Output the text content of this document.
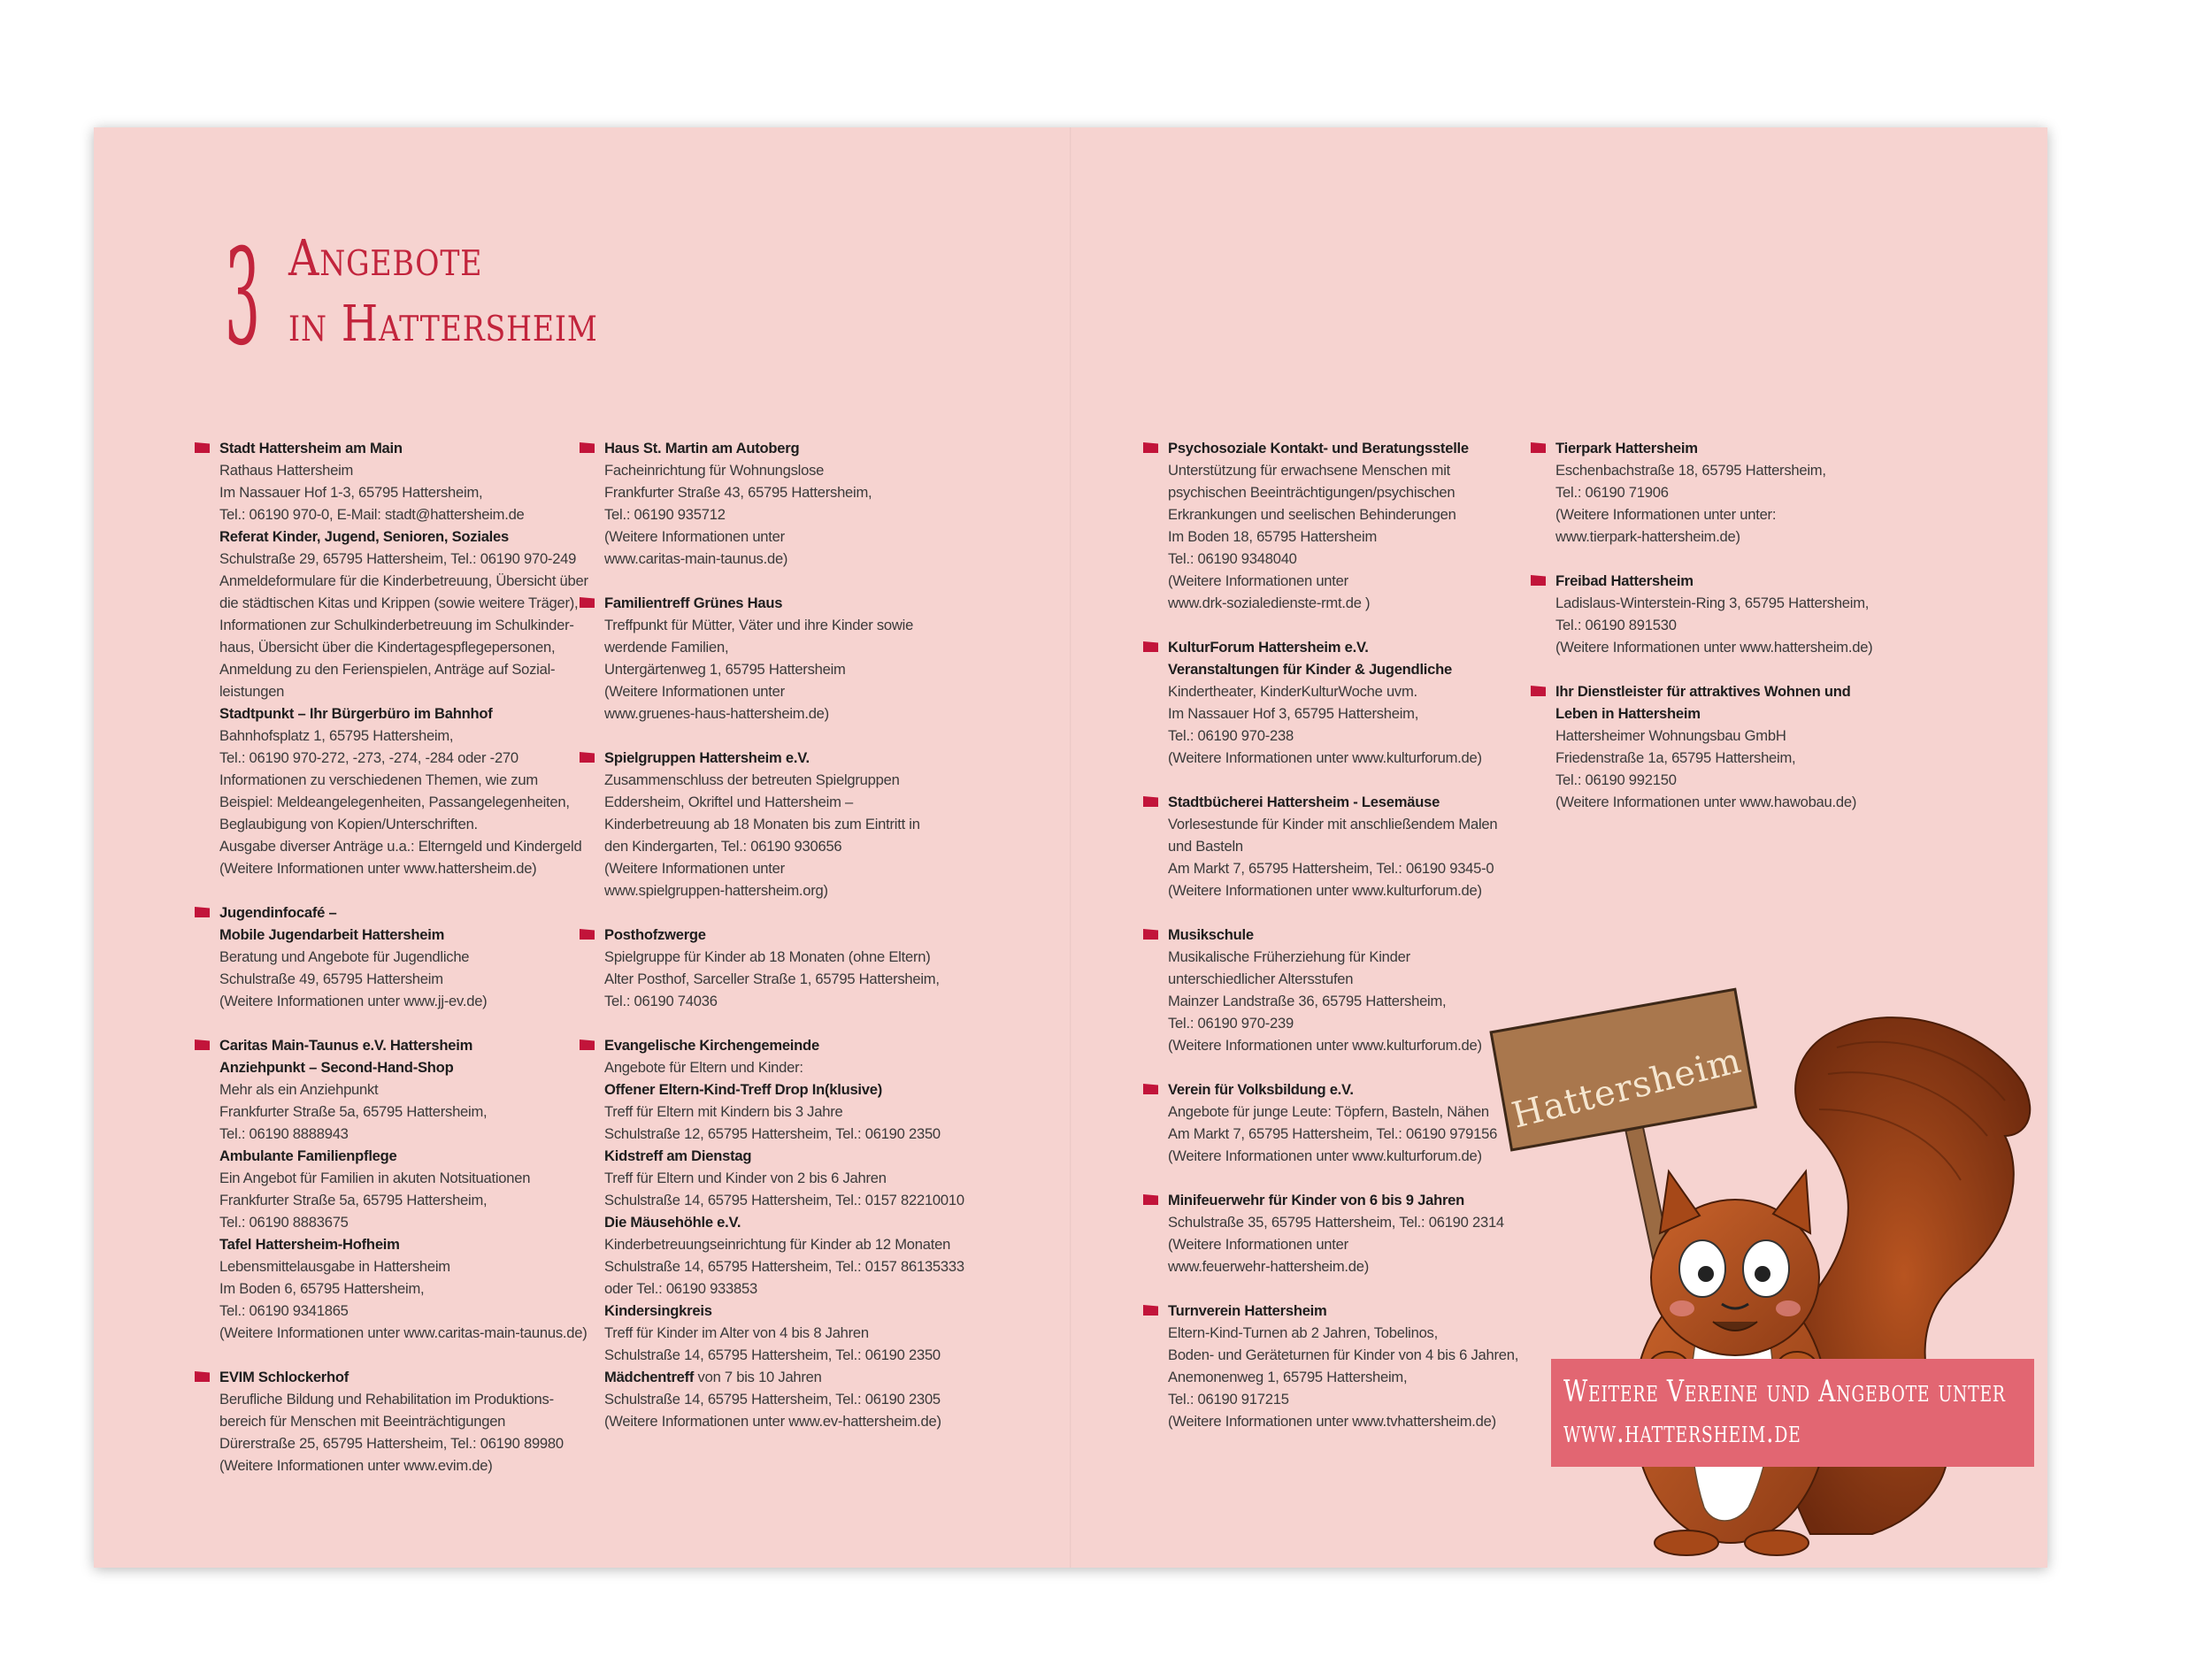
3 Angebote
in Hattersheim
Stadt Hattersheim am Main
Rathaus Hattersheim
Im Nassauer Hof 1-3, 65795 Hattersheim,
Tel.: 06190 970-0, E-Mail: stadt@hattersheim.de
Referat Kinder, Jugend, Senioren, Soziales
Schulstraße 29, 65795 Hattersheim, Tel.: 06190 970-249
Anmeldeformulare für die Kinderbetreuung, Übersicht über
die städtischen Kitas und Krippen (sowie weitere Träger),
Informationen zur Schulkinderbetreuung im Schulkinder-
haus, Übersicht über die Kindertagespflegepersonen,
Anmeldung zu den Ferienspielen, Anträge auf Sozial-
leistungen
Stadtpunkt – Ihr Bürgerbüro im Bahnhof
Bahnhofsplatz 1, 65795 Hattersheim,
Tel.: 06190 970-272, -273, -274, -284 oder -270
Informationen zu verschiedenen Themen, wie zum
Beispiel: Meldeangelegenheiten, Passangelegenheiten,
Beglaubigung von Kopien/Unterschriften.
Ausgabe diverser Anträge u.a.: Elterngeld und Kindergeld
(Weitere Informationen unter www.hattersheim.de)
Jugendinfocafé –
Mobile Jugendarbeit Hattersheim
Beratung und Angebote für Jugendliche
Schulstraße 49, 65795 Hattersheim
(Weitere Informationen unter www.jj-ev.de)
Caritas Main-Taunus e.V. Hattersheim
Anziehpunkt – Second-Hand-Shop
Mehr als ein Anziehpunkt
Frankfurter Straße 5a, 65795 Hattersheim,
Tel.: 06190 8888943
Ambulante Familienpflege
Ein Angebot für Familien in akuten Notsituationen
Frankfurter Straße 5a, 65795 Hattersheim,
Tel.: 06190 8883675
Tafel Hattersheim-Hofheim
Lebensmittelausgabe in Hattersheim
Im Boden 6, 65795 Hattersheim,
Tel.: 06190 9341865
(Weitere Informationen unter www.caritas-main-taunus.de)
EVIM Schlockerhof
Berufliche Bildung und Rehabilitation im Produktions-
bereich für Menschen mit Beeinträchtigungen
Dürerstraße 25, 65795 Hattersheim, Tel.: 06190 89980
(Weitere Informationen unter www.evim.de)
Haus St. Martin am Autoberg
Facheinrichtung für Wohnungslose
Frankfurter Straße 43, 65795 Hattersheim,
Tel.: 06190 935712
(Weitere Informationen unter
www.caritas-main-taunus.de)
Familientreff Grünes Haus
Treffpunkt für Mütter, Väter und ihre Kinder sowie
werdende Familien,
Untergärtenweg 1, 65795 Hattersheim
(Weitere Informationen unter
www.gruenes-haus-hattersheim.de)
Spielgruppen Hattersheim e.V.
Zusammenschluss der betreuten Spielgruppen
Eddersheim, Okriftel und Hattersheim –
Kinderbetreuung ab 18 Monaten bis zum Eintritt in
den Kindergarten, Tel.: 06190 930656
(Weitere Informationen unter
www.spielgruppen-hattersheim.org)
Posthofzwerge
Spielgruppe für Kinder ab 18 Monaten (ohne Eltern)
Alter Posthof, Sarceller Straße 1, 65795 Hattersheim,
Tel.: 06190 74036
Evangelische Kirchengemeinde
Angebote für Eltern und Kinder:
Offener Eltern-Kind-Treff Drop In(klusive)
Treff für Eltern mit Kindern bis 3 Jahre
Schulstraße 12, 65795 Hattersheim, Tel.: 06190 2350
Kidstreff am Dienstag
Treff für Eltern und Kinder von 2 bis 6 Jahren
Schulstraße 14, 65795 Hattersheim, Tel.: 0157 82210010
Die Mäusehöhle e.V.
Kinderbetreuungseinrichtung für Kinder ab 12 Monaten
Schulstraße 14, 65795 Hattersheim, Tel.: 0157 86135333
oder Tel.: 06190 933853
Kindersingkreis
Treff für Kinder im Alter von 4 bis 8 Jahren
Schulstraße 14, 65795 Hattersheim, Tel.: 06190 2350
Mädchentreff von 7 bis 10 Jahren
Schulstraße 14, 65795 Hattersheim, Tel.: 06190 2305
(Weitere Informationen unter www.ev-hattersheim.de)
Psychosoziale Kontakt- und Beratungsstelle
Unterstützung für erwachsene Menschen mit
psychischen Beeinträchtigungen/psychischen
Erkrankungen und seelischen Behinderungen
Im Boden 18, 65795 Hattersheim
Tel.: 06190 9348040
(Weitere Informationen unter
www.drk-sozialedienste-rmt.de )
KulturForum Hattersheim e.V.
Veranstaltungen für Kinder & Jugendliche
Kindertheater, KinderKulturWoche uvm.
Im Nassauer Hof 3, 65795 Hattersheim,
Tel.: 06190 970-238
(Weitere Informationen unter www.kulturforum.de)
Stadtbücherei Hattersheim - Lesemäuse
Vorlesestunde für Kinder mit anschließendem Malen
und Basteln
Am Markt 7, 65795 Hattersheim, Tel.: 06190 9345-0
(Weitere Informationen unter www.kulturforum.de)
Musikschule
Musikalische Früherziehung für Kinder
unterschiedlicher Altersstufen
Mainzer Landstraße 36, 65795 Hattersheim,
Tel.: 06190 970-239
(Weitere Informationen unter www.kulturforum.de)
Verein für Volksbildung e.V.
Angebote für junge Leute: Töpfern, Basteln, Nähen
Am Markt 7, 65795 Hattersheim, Tel.: 06190 979156
(Weitere Informationen unter www.kulturforum.de)
Minifeuerwehr für Kinder von 6 bis 9 Jahren
Schulstraße 35, 65795 Hattersheim, Tel.: 06190 2314
(Weitere Informationen unter
www.feuerwehr-hattersheim.de)
Turnverein Hattersheim
Eltern-Kind-Turnen ab 2 Jahren, Tobelinos,
Boden- und Geräteturnen für Kinder von 4 bis 6 Jahren,
Anemonenweg 1, 65795 Hattersheim,
Tel.: 06190 917215
(Weitere Informationen unter www.tvhattersheim.de)
Tierpark Hattersheim
Eschenbachstraße 18, 65795 Hattersheim,
Tel.: 06190 71906
(Weitere Informationen unter unter:
www.tierpark-hattersheim.de)
Freibad Hattersheim
Ladislaus-Winterstein-Ring 3, 65795 Hattersheim,
Tel.: 06190 891530
(Weitere Informationen unter www.hattersheim.de)
Ihr Dienstleister für attraktives Wohnen und
Leben in Hattersheim
Hattersheimer Wohnungsbau GmbH
Friedenstraße 1a, 65795 Hattersheim,
Tel.: 06190 992150
(Weitere Informationen unter www.hawobau.de)
Hattersheim
Weitere Vereine und Angebote unter
www.hattersheim.de
